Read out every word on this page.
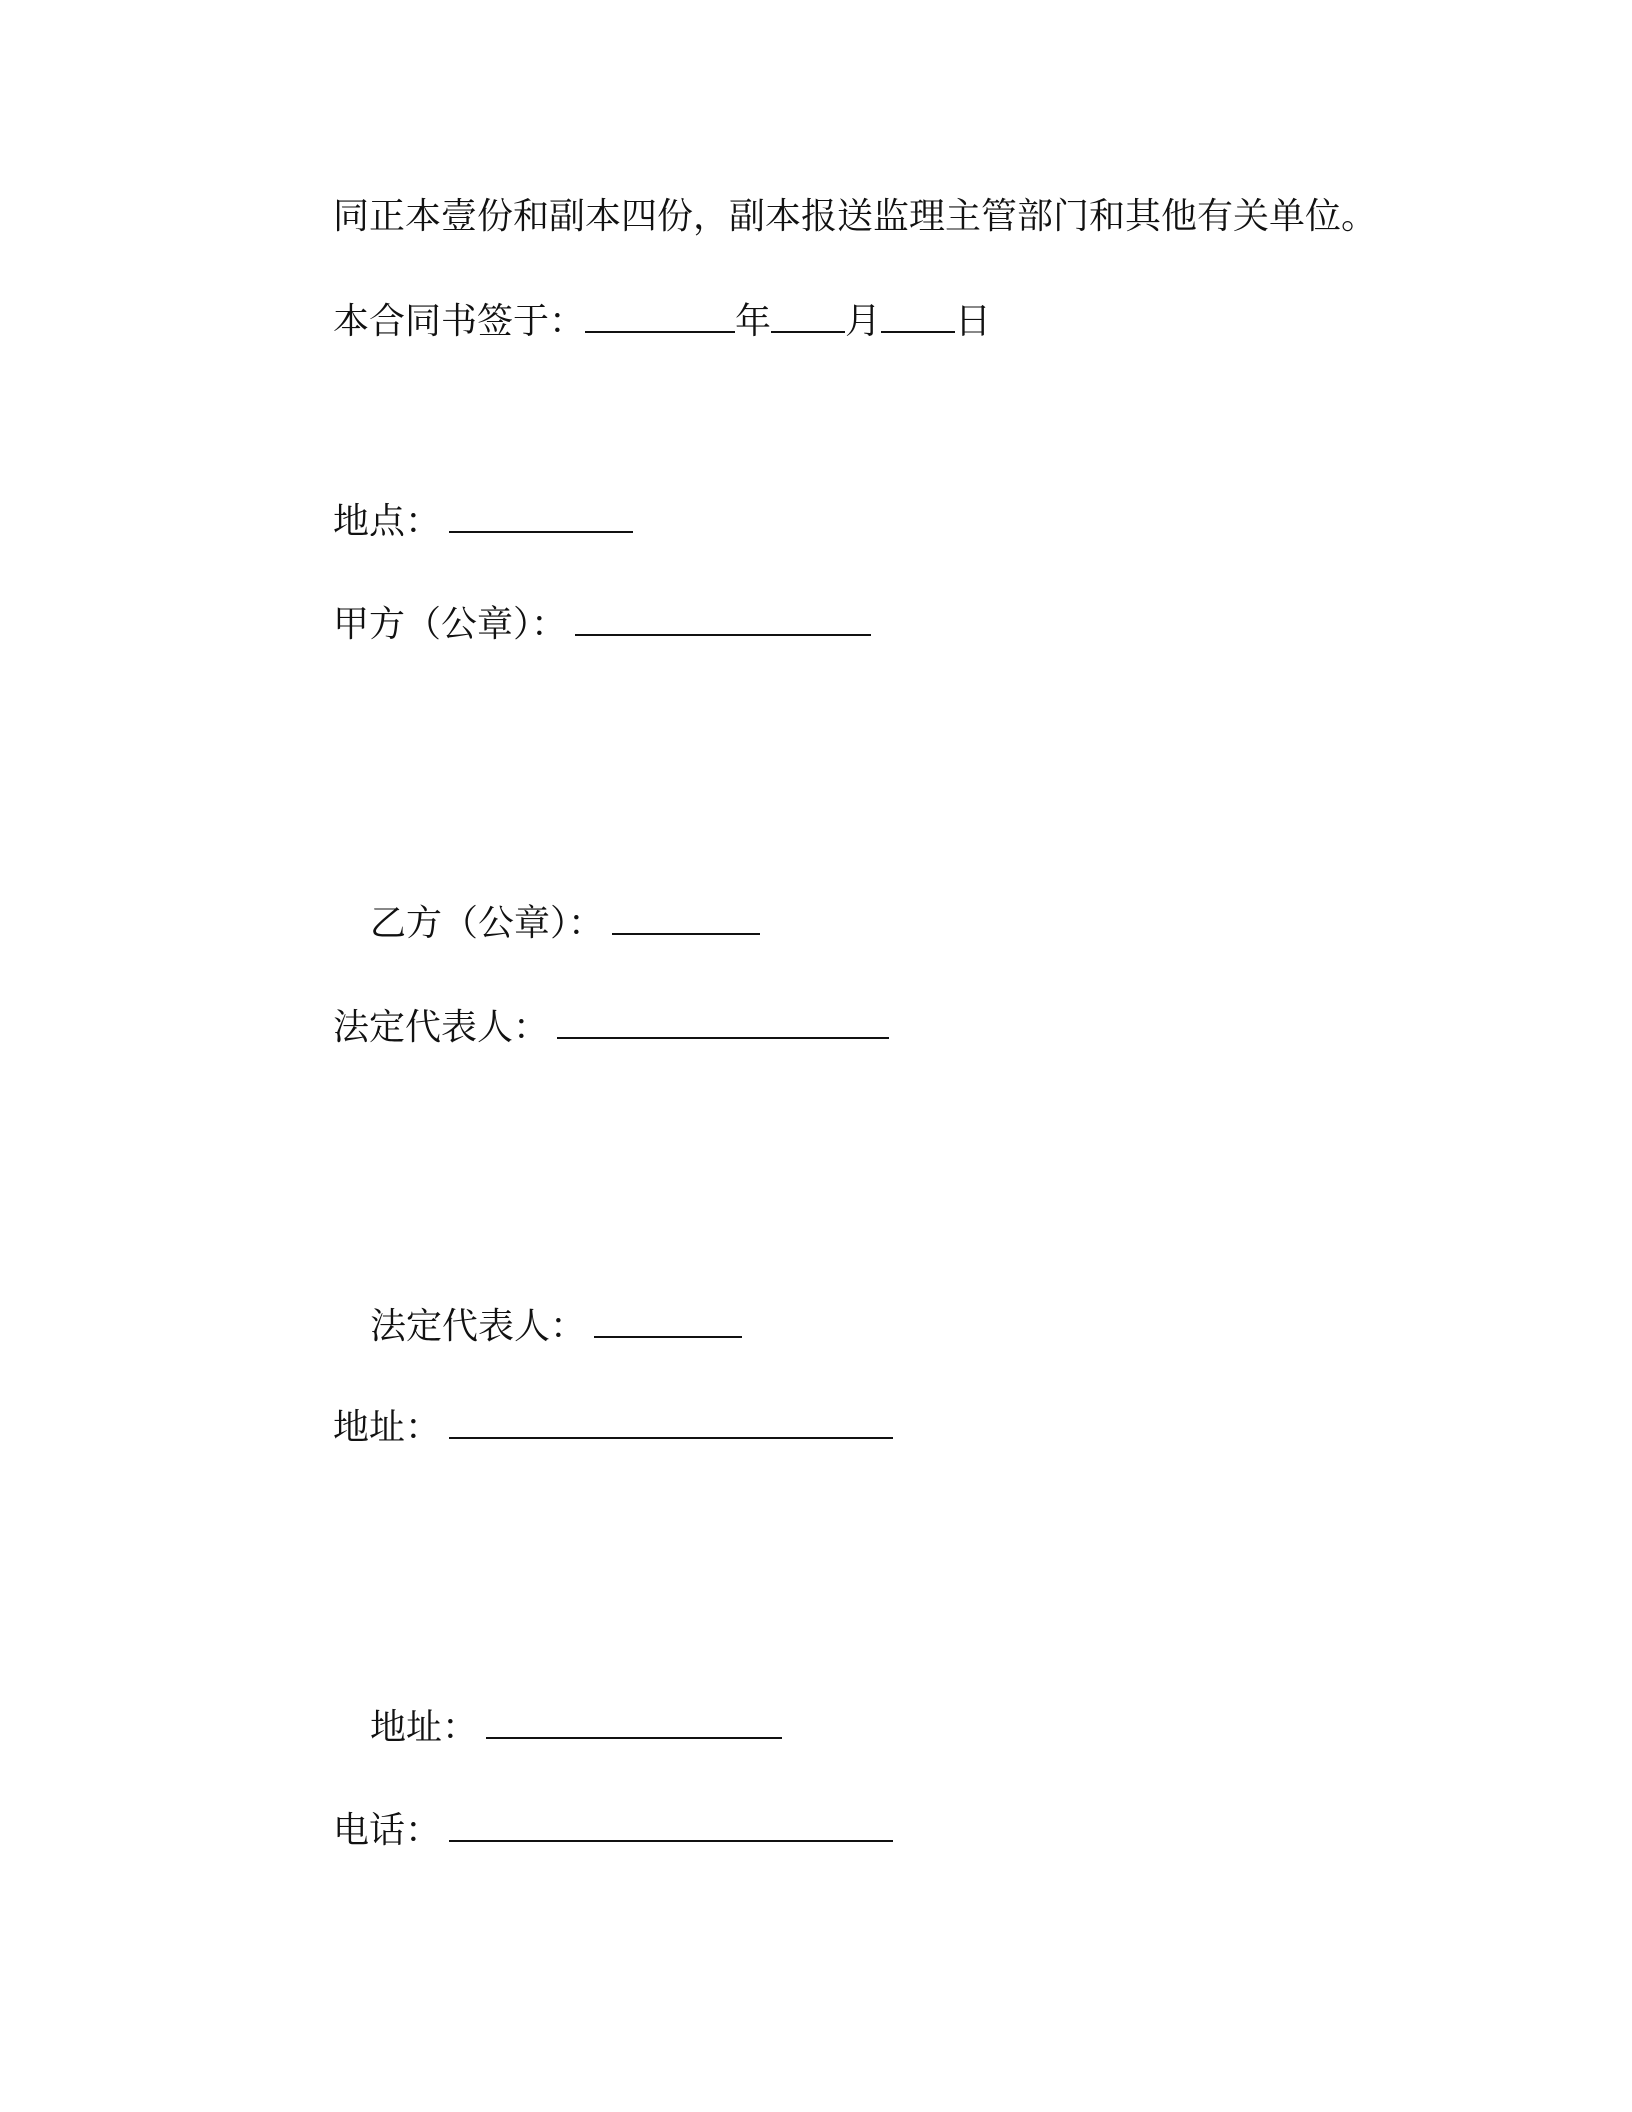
同正本壹份和副本四份，副本报送监理主管部门和其他有关单位。
本合同书签于：	年 月 日
地点：
甲方（公章）：
乙方（公章）：
法定代表人：
法定代表人：
地址：
地址：
电话：
